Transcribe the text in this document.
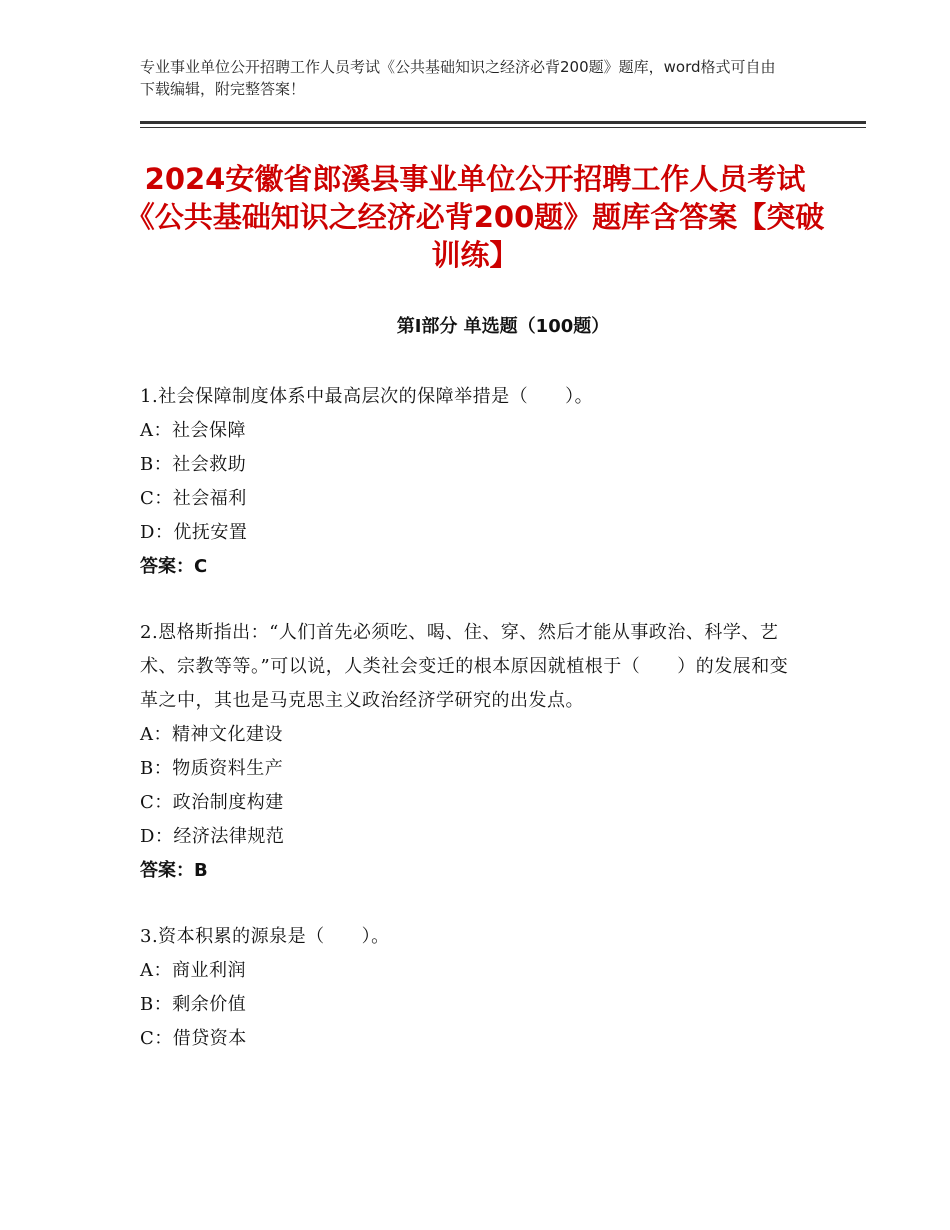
专业事业单位公开招聘工作人员考试《公共基础知识之经济必背200题》题库，word格式可自由下载编辑，附完整答案！
2024安徽省郎溪县事业单位公开招聘工作人员考试《公共基础知识之经济必背200题》题库含答案【突破训练】
第I部分 单选题（100题）
1.社会保障制度体系中最高层次的保障举措是（　　）。
A：社会保障
B：社会救助
C：社会福利
D：优抚安置
答案：C
2.恩格斯指出：“人们首先必须吃、喝、住、穿、然后才能从事政治、科学、艺术、宗教等等。”可以说，人类社会变迁的根本原因就植根于（　　）的发展和变革之中，其也是马克思主义政治经济学研究的出发点。
A：精神文化建设
B：物质资料生产
C：政治制度构建
D：经济法律规范
答案：B
3.资本积累的源泉是（　　）。
A：商业利润
B：剩余价值
C：借贷资本
